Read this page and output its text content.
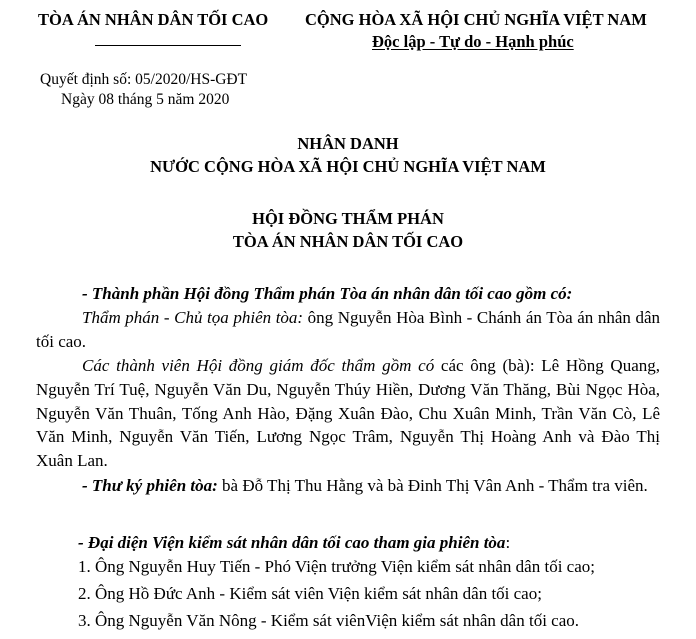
TÒA ÁN NHÂN DÂN TỐI CAO CỘNG HÒA XÃ HỘI CHỦ NGHĨA VIỆT NAM
Độc lập - Tự do - Hạnh phúc
Quyết định số: 05/2020/HS-GĐT
Ngày 08 tháng 5 năm 2020
NHÂN DANH
NƯỚC CỘNG HÒA XÃ HỘI CHỦ NGHĨA VIỆT NAM
HỘI ĐỒNG THẨM PHÁN
TÒA ÁN NHÂN DÂN TỐI CAO
- Thành phần Hội đồng Thẩm phán Tòa án nhân dân tối cao gồm có:
Thẩm phán - Chủ tọa phiên tòa: ông Nguyễn Hòa Bình - Chánh án Tòa án nhân dân tối cao.
Các thành viên Hội đồng giám đốc thẩm gồm có các ông (bà): Lê Hồng Quang, Nguyễn Trí Tuệ, Nguyễn Văn Du, Nguyễn Thúy Hiền, Dương Văn Thăng, Bùi Ngọc Hòa, Nguyễn Văn Thuân, Tống Anh Hào, Đặng Xuân Đào, Chu Xuân Minh, Trần Văn Cò, Lê Văn Minh, Nguyễn Văn Tiến, Lương Ngọc Trâm, Nguyễn Thị Hoàng Anh và Đào Thị Xuân Lan.
- Thư ký phiên tòa: bà Đỗ Thị Thu Hằng và bà Đinh Thị Vân Anh - Thẩm tra viên.
- Đại diện Viện kiểm sát nhân dân tối cao tham gia phiên tòa:
1. Ông Nguyễn Huy Tiến - Phó Viện trưởng Viện kiểm sát nhân dân tối cao;
2. Ông Hồ Đức Anh - Kiểm sát viên Viện kiểm sát nhân dân tối cao;
3. Ông Nguyễn Văn Nông - Kiểm sát viênViện kiểm sát nhân dân tối cao.
